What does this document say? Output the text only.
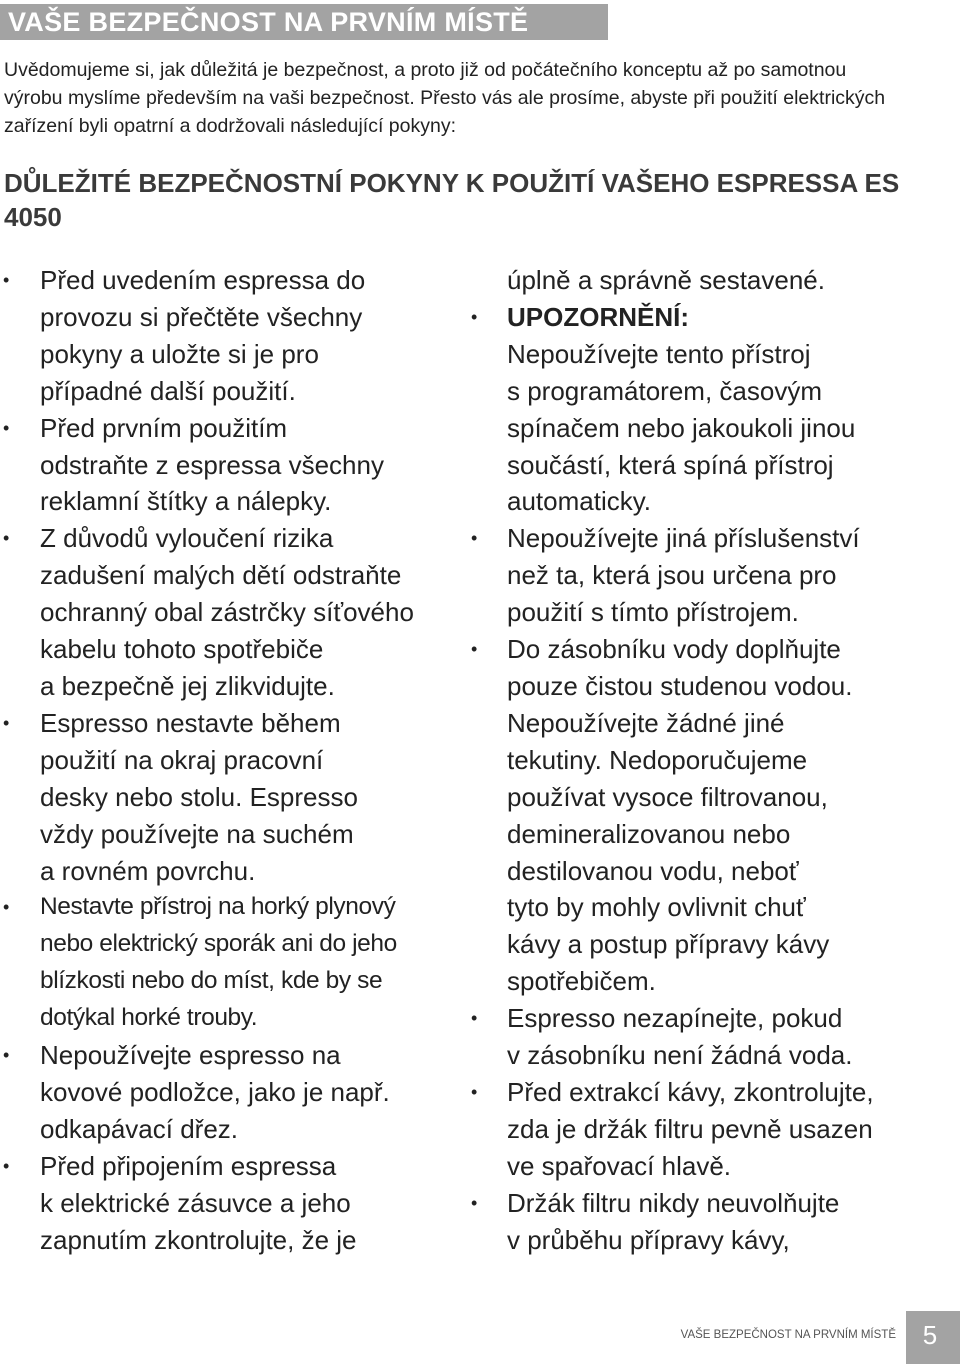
VAŠE BEZPEČNOST NA PRVNÍM MÍSTĚ
Uvědomujeme si, jak důležitá je bezpečnost, a proto již od počátečního konceptu až po samotnou výrobu myslíme především na vaši bezpečnost. Přesto vás ale prosíme, abyste při použití elektrických zařízení byli opatrní a dodržovali následující pokyny:
DŮLEŽITÉ BEZPEČNOSTNÍ POKYNY K POUŽITÍ VAŠEHO ESPRESSA ES 4050
• Před uvedením espressa do
provozu si přečtěte všechny
pokyny a uložte si je pro
případné další použití.
• Před prvním použitím
odstraňte z espressa všechny
reklamní štítky a nálepky.
• Z důvodů vyloučení rizika
zadušení malých dětí odstraňte
ochranný obal zástrčky síťového
kabelu tohoto spotřebiče
a bezpečně jej zlikvidujte.
• Espresso nestavte během
použití na okraj pracovní
desky nebo stolu. Espresso
vždy používejte na suchém
a rovném povrchu.
• Nestavte přístroj na horký plynový
nebo elektrický sporák ani do jeho
blízkosti nebo do míst, kde by se
dotýkal horké trouby.
• Nepoužívejte espresso na
kovové podložce, jako je např.
odkapávací dřez.
• Před připojením espressa
k elektrické zásuvce a jeho
zapnutím zkontrolujte, že je
úplně a správně sestavené.
• UPOZORNĚNÍ:
Nepoužívejte tento přístroj
s programátorem, časovým
spínačem nebo jakoukoli jinou
součástí, která spíná přístroj
automaticky.
• Nepoužívejte jiná příslušenství
než ta, která jsou určena pro
použití s tímto přístrojem.
• Do zásobníku vody doplňujte
pouze čistou studenou vodou.
Nepoužívejte žádné jiné
tekutiny. Nedoporučujeme
používat vysoce filtrovanou,
demineralizovanou nebo
destilovanou vodu, neboť
tyto by mohly ovlivnit chuť
kávy a postup přípravy kávy
spotřebičem.
• Espresso nezapínejte, pokud
v zásobníku není žádná voda.
• Před extrakcí kávy, zkontrolujte,
zda je držák filtru pevně usazen
ve spařovací hlavě.
• Držák filtru nikdy neuvolňujte
v průběhu přípravy kávy,
VAŠE BEZPEČNOST NA PRVNÍM MÍSTĚ	5
